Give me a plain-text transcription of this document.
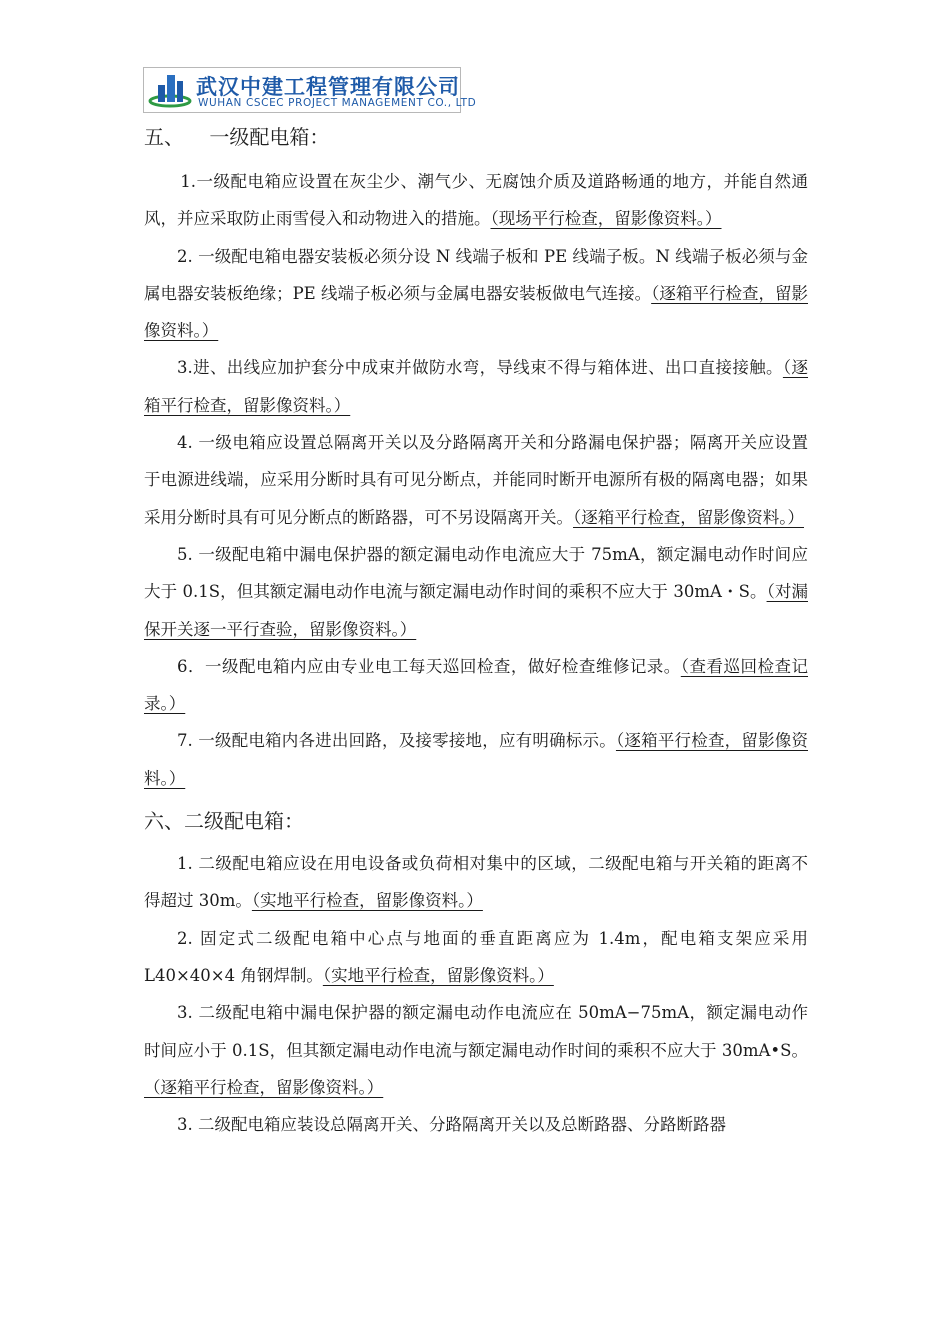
武汉中建工程管理有限公司
WUHAN CSCEC PROJECT MANAGEMENT CO., LTD
五、    一级配电箱：

1.一级配电箱应设置在灰尘少、潮气少、无腐蚀介质及道路畅通的地方，并能自然通风，并应采取防止雨雪侵入和动物进入的措施。（现场平行检查，留影像资料。）

2. 一级配电箱电器安装板必须分设 N 线端子板和 PE 线端子板。N 线端子板必须与金属电器安装板绝缘；PE 线端子板必须与金属电器安装板做电气连接。（逐箱平行检查，留影像资料。）

3.进、出线应加护套分中成束并做防水弯，导线束不得与箱体进、出口直接接触。（逐箱平行检查，留影像资料。）

4. 一级电箱应设置总隔离开关以及分路隔离开关和分路漏电保护器；隔离开关应设置于电源进线端，应采用分断时具有可见分断点，并能同时断开电源所有极的隔离电器；如果采用分断时具有可见分断点的断路器，可不另设隔离开关。（逐箱平行检查，留影像资料。）

5. 一级配电箱中漏电保护器的额定漏电动作电流应大于 75mA，额定漏电动作时间应大于 0.1S，但其额定漏电动作电流与额定漏电动作时间的乘积不应大于 30mA・S。（对漏保开关逐一平行查验，留影像资料。）

6．一级配电箱内应由专业电工每天巡回检查，做好检查维修记录。（查看巡回检查记录。）

7. 一级配电箱内各进出回路，及接零接地，应有明确标示。（逐箱平行检查，留影像资料。）

六、二级配电箱：

1. 二级配电箱应设在用电设备或负荷相对集中的区域，二级配电箱与开关箱的距离不得超过 30m。（实地平行检查，留影像资料。）

2. 固定式二级配电箱中心点与地面的垂直距离应为 1.4m，配电箱支架应采用 L40×40×4 角钢焊制。（实地平行检查，留影像资料。）

3. 二级配电箱中漏电保护器的额定漏电动作电流应在 50mA−75mA，额定漏电动作时间应小于 0.1S，但其额定漏电动作电流与额定漏电动作时间的乘积不应大于 30mA•S。（逐箱平行检查，留影像资料。）

3. 二级配电箱应装设总隔离开关、分路隔离开关以及总断路器、分路断路器
